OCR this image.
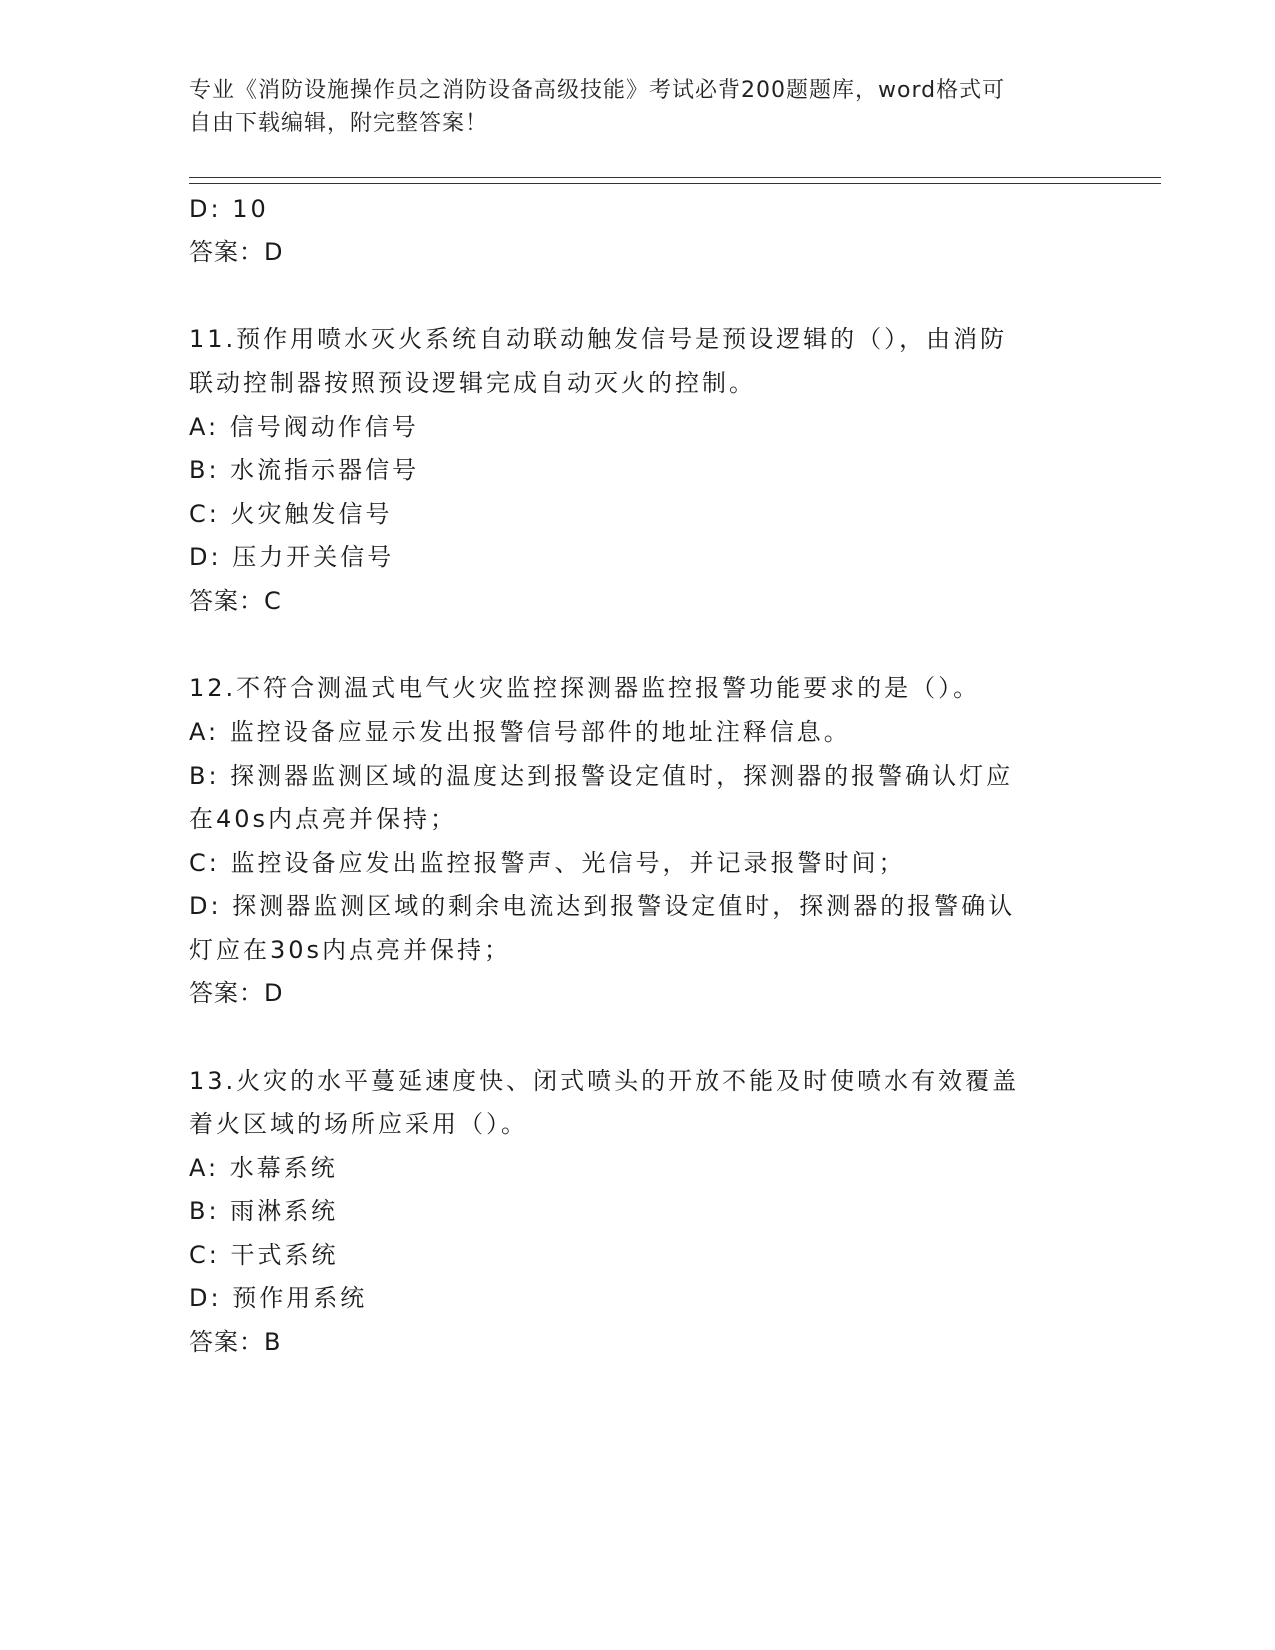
专业《消防设施操作员之消防设备高级技能》考试必背200题题库，word格式可
自由下载编辑，附完整答案！
D: 10
答案：D
11.预作用喷水灭火系统自动联动触发信号是预设逻辑的（），由消防
联动控制器按照预设逻辑完成自动灭火的控制。
A: 信号阀动作信号
B: 水流指示器信号
C: 火灾触发信号
D: 压力开关信号
答案：C
12.不符合测温式电气火灾监控探测器监控报警功能要求的是（）。
A: 监控设备应显示发出报警信号部件的地址注释信息。
B: 探测器监测区域的温度达到报警设定值时，探测器的报警确认灯应
在40s内点亮并保持；
C: 监控设备应发出监控报警声、光信号，并记录报警时间；
D: 探测器监测区域的剩余电流达到报警设定值时，探测器的报警确认
灯应在30s内点亮并保持；
答案：D
13.火灾的水平蔓延速度快、闭式喷头的开放不能及时使喷水有效覆盖
着火区域的场所应采用（）。
A: 水幕系统
B: 雨淋系统
C: 干式系统
D: 预作用系统
答案：B
